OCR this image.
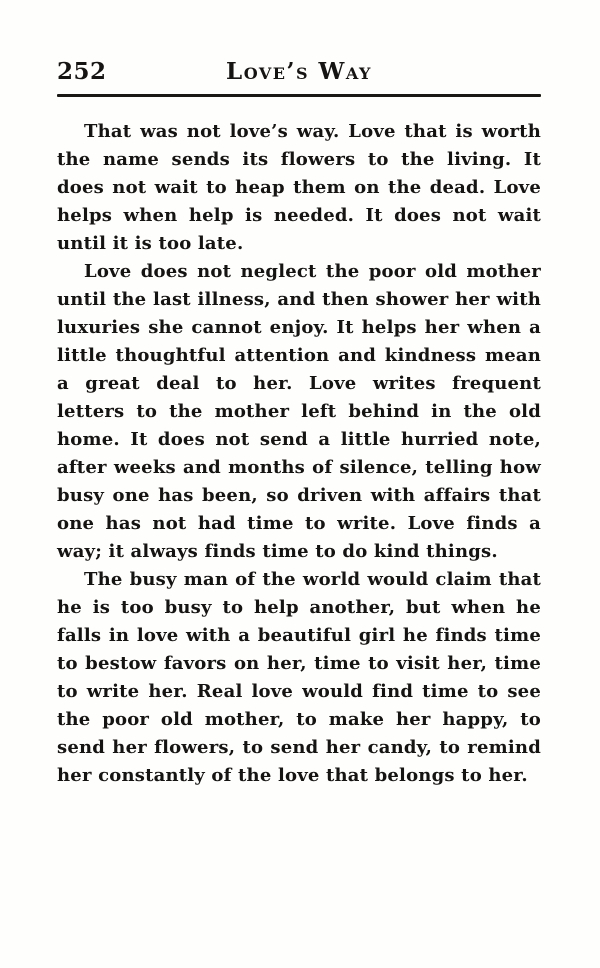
252	Love’s Way

That was not love’s way. Love that is worth the name sends its flowers to the living. It does not wait to heap them on the dead. Love helps when help is needed. It does not wait until it is too late.

Love does not neglect the poor old mother until the last illness, and then shower her with luxuries she cannot enjoy. It helps her when a little thoughtful attention and kindness mean a great deal to her. Love writes frequent letters to the mother left behind in the old home. It does not send a little hurried note, after weeks and months of silence, telling how busy one has been, so driven with affairs that one has not had time to write. Love finds a way; it always finds time to do kind things.

The busy man of the world would claim that he is too busy to help another, but when he falls in love with a beautiful girl he finds time to bestow favors on her, time to visit her, time to write her. Real love would find time to see the poor old mother, to make her happy, to send her flowers, to send her candy, to remind her constantly of the love that belongs to her.
